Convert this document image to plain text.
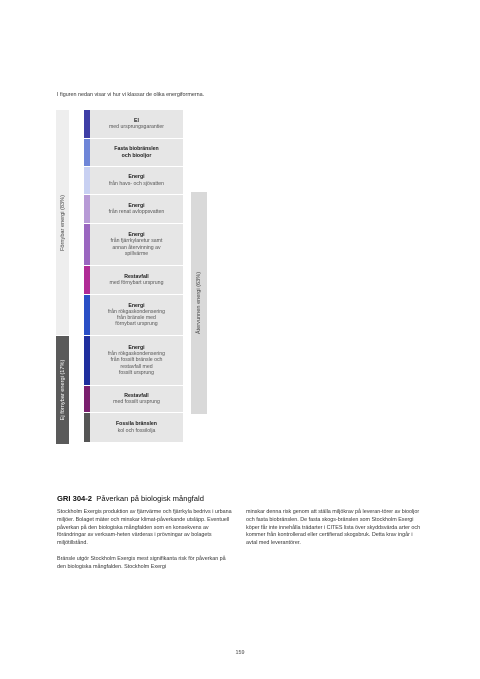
I figuren nedan visar vi hur vi klassar de olika energiformerna.
Förnybar energi (83%)
Ej förnybar energi (17%)
El
med ursprungsgarantier
Fasta biobränslen
och biooljor
Energi
från havs- och sjövatten
Energi
från renat avloppsvatten
Energi
från fjärrkylaretur samt
annan återvinning av
spillvärme
Restavfall
med förnybart ursprung
Energi
från rökgaskondensering
från bränsle med
förnybart ursprung
Energi
från rökgaskondensering
från fossilt bränsle och
restavfall med
fossilt ursprung
Restavfall
med fossilt ursprung
Fossila bränslen
kol och fossilolja
Återvunnen energi (63%)
GRI 304-2 Påverkan på biologisk mångfald

Stockholm Exergis produktion av fjärrvärme och fjärrkyla bedrivs i urbana miljöer. Bolaget mäter och minskar klimat-påverkande utsläpp. Eventuell påverkan på den biologiska mångfalden som en konsekvens av förändringar av verksam-heten värderas i prövningar av bolagets miljötillstånd.

Bränsle utgör Stockholm Exergis mest signifikanta risk för påverkan på den biologiska mångfalden. Stockholm Exergi

minskar denna risk genom att ställa miljökrav på leveran-törer av biooljor och fasta biobränslen. De fasta skogs-bränslen som Stockholm Exergi köper får inte innehålla trädarter i CITES lista över skyddsvärda arter och kommer från kontrollerad eller certifierad skogsbruk. Detta krav ingår i avtal med leverantörer.

159
